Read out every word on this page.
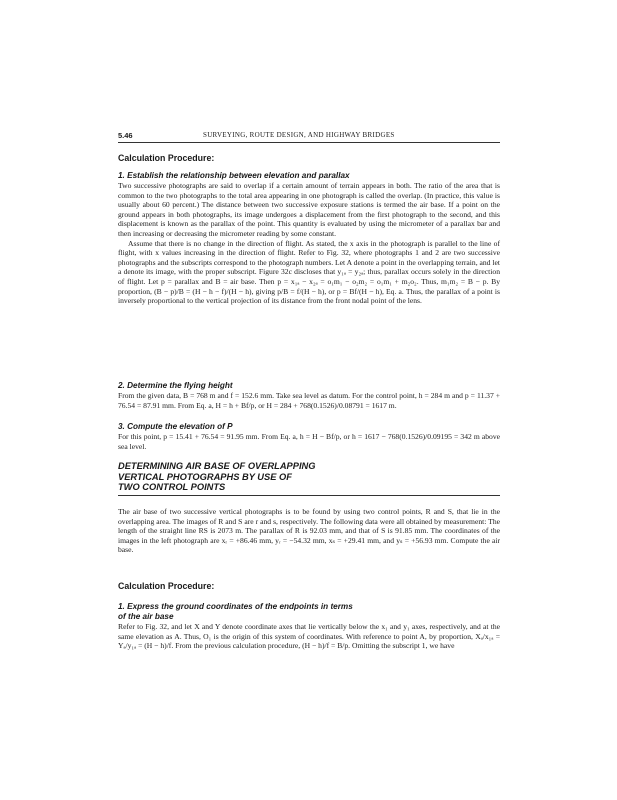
5.46	SURVEYING, ROUTE DESIGN, AND HIGHWAY BRIDGES
Calculation Procedure:
1. Establish the relationship between elevation and parallax

Two successive photographs are said to overlap if a certain amount of terrain appears in both. The ratio of the area that is common to the two photographs to the total area appearing in one photograph is called the overlap. (In practice, this value is usually about 60 percent.) The distance between two successive exposure stations is termed the air base. If a point on the ground appears in both photographs, its image undergoes a displacement from the first photograph to the second, and this displacement is known as the parallax of the point. This quantity is evaluated by using the micrometer of a parallax bar and then increasing or decreasing the micrometer reading by some constant.

Assume that there is no change in the direction of flight. As stated, the x axis in the photograph is parallel to the line of flight, with x values increasing in the direction of flight. Refer to Fig. 32, where photographs 1 and 2 are two successive photographs and the subscripts correspond to the photograph numbers. Let A denote a point in the overlapping terrain, and let a denote its image, with the proper subscript. Figure 32c discloses that y₁ₐ = y₂ₐ; thus, parallax occurs solely in the direction of flight. Let p = parallax and B = air base. Then p = x₁ₐ − x₂ₐ = o₁m₁ − o₂m₂ = o₁m₁ + m₂o₂. Thus, m₁m₂ = B − p. By proportion, (B − p)/B = (H − h − f)/(H − h), giving p/B = f/(H − h), or p = Bf/(H − h), Eq. a. Thus, the parallax of a point is inversely proportional to the vertical projection of its distance from the front nodal point of the lens.

2. Determine the flying height

From the given data, B = 768 m and f = 152.6 mm. Take sea level as datum. For the control point, h = 284 m and p = 11.37 + 76.54 = 87.91 mm. From Eq. a, H = h + Bf/p, or H = 284 + 768(0.1526)/0.08791 = 1617 m.

3. Compute the elevation of P

For this point, p = 15.41 + 76.54 = 91.95 mm. From Eq. a, h = H − Bf/p, or h = 1617 − 768(0.1526)/0.09195 = 342 m above sea level.

DETERMINING AIR BASE OF OVERLAPPING
VERTICAL PHOTOGRAPHS BY USE OF
TWO CONTROL POINTS

The air base of two successive vertical photographs is to be found by using two control points, R and S, that lie in the overlapping area. The images of R and S are r and s, respectively. The following data were all obtained by measurement: The length of the straight line RS is 2073 m. The parallax of R is 92.03 mm, and that of S is 91.85 mm. The coordinates of the images in the left photograph are xᵣ = +86.46 mm, yᵣ = −54.32 mm, xₛ = +29.41 mm, and yₛ = +56.93 mm. Compute the air base.

Calculation Procedure:
1. Express the ground coordinates of the endpoints in terms
of the air base

Refer to Fig. 32, and let X and Y denote coordinate axes that lie vertically below the x₁ and y₁ axes, respectively, and at the same elevation as A. Thus, O₁ is the origin of this system of coordinates. With reference to point A, by proportion, Xₐ/x₁ₐ = Yₐ/y₁ₐ = (H − h)/f. From the previous calculation procedure, (H − h)/f = B/p. Omitting the subscript 1, we have
